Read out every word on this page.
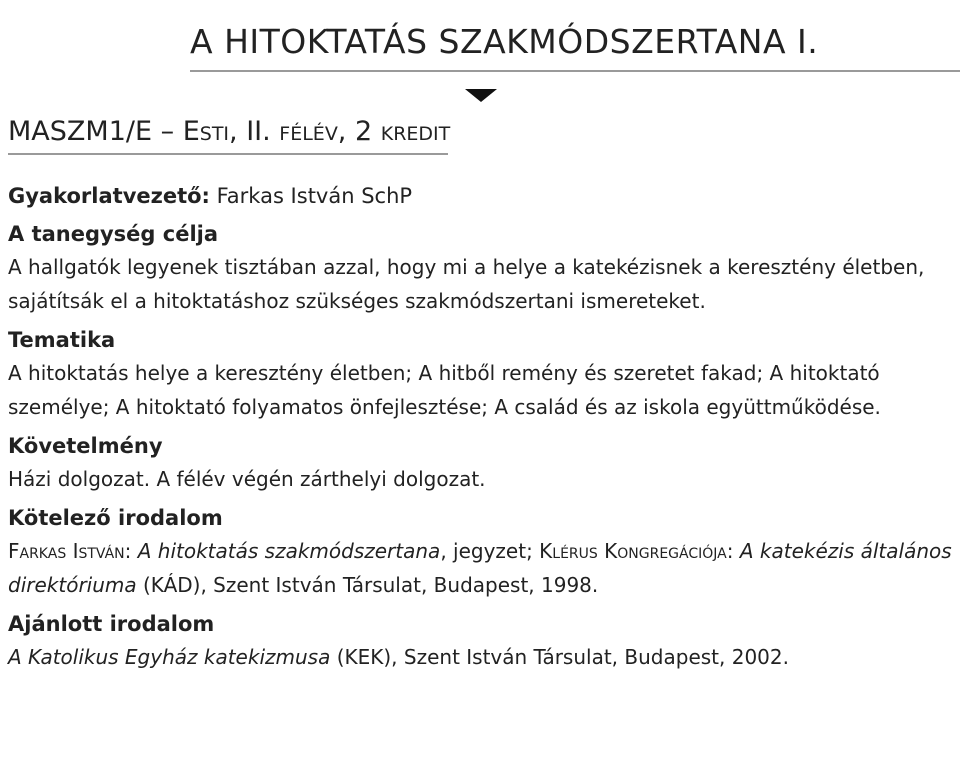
A HITOKTATÁS SZAKMÓDSZERTANA I.
MASZM1/E – Esti, II. félév, 2 kredit

Gyakorlatvezető: Farkas István SchP

A tanegység célja

A hallgatók legyenek tisztában azzal, hogy mi a helye a katekézisnek a keresztény életben, sajátítsák el a hitoktatáshoz szükséges szakmódszertani ismereteket.

Tematika

A hitoktatás helye a keresztény életben; A hitből remény és szeretet fakad; A hitoktató személye; A hitoktató folyamatos önfejlesztése; A család és az iskola együttműködése.

Követelmény

Házi dolgozat. A félév végén zárthelyi dolgozat.

Kötelező irodalom

Farkas István: A hitoktatás szakmódszertana, jegyzet; Klérus Kongregációja: A katekézis általános direktóriuma (KÁD), Szent István Társulat, Budapest, 1998.

Ajánlott irodalom

A Katolikus Egyház katekizmusa (KEK), Szent István Társulat, Budapest, 2002.
